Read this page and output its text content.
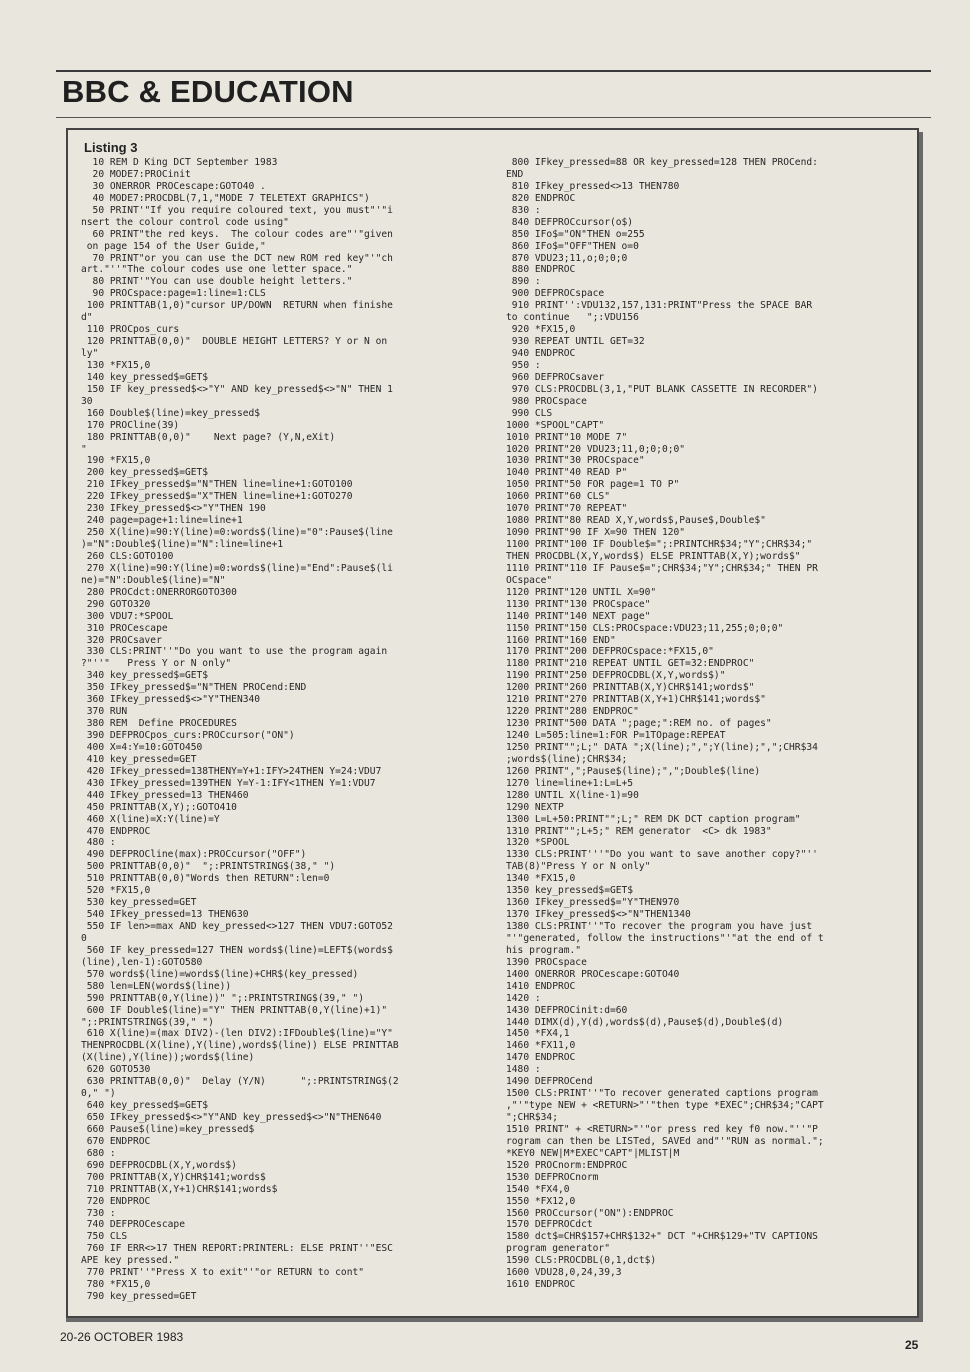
BBC & EDUCATION
Listing 3
10 REM D King DCT September 1983
20 MODE7:PROCinit
30 ONERROR PROCescape:GOTO40 .
40 MODE7:PROCDBL(7,1,"MODE 7 TELETEXT GRAPHICS")
50 PRINT'"If you require coloured text, you must"'"i
nsert the colour control code using"
60 PRINT"the red keys.  The colour codes are"'"given
on page 154 of the User Guide,"
70 PRINT"or you can use the DCT new ROM red key"'"ch
art."''"The colour codes use one letter space."
80 PRINT'"You can use double height letters."
90 PROCspace:page=1:line=1:CLS
100 PRINTTAB(1,0)"cursor UP/DOWN  RETURN when finishe
d"
110 PROCpos_curs
120 PRINTTAB(0,0)"  DOUBLE HEIGHT LETTERS? Y or N on
ly"
130 *FX15,0
140 key_pressed$=GET$
150 IF key_pressed$<>"Y" AND key_pressed$<>"N" THEN 1
30
160 Double$(line)=key_pressed$
170 PROCline(39)
180 PRINTTAB(0,0)"    Next page? (Y,N,eXit)
"
190 *FX15,0
200 key_pressed$=GET$
210 IFkey_pressed$="N"THEN line=line+1:GOTO100
220 IFkey_pressed$="X"THEN line=line+1:GOTO270
230 IFkey_pressed$<>"Y"THEN 190
240 page=page+1:line=line+1
250 X(line)=90:Y(line)=0:words$(line)="0":Pause$(line
)="N":Double$(line)="N":line=line+1
260 CLS:GOTO100
270 X(line)=90:Y(line)=0:words$(line)="End":Pause$(li
ne)="N":Double$(line)="N"
280 PROCdct:ONERRORGOTO300
290 GOTO320
300 VDU7:*SPOOL
310 PROCescape
320 PROCsaver
330 CLS:PRINT''"Do you want to use the program again
?"''"   Press Y or N only"
340 key_pressed$=GET$
350 IFkey_pressed$="N"THEN PROCend:END
360 IFkey_pressed$<>"Y"THEN340
370 RUN
380 REM  Define PROCEDURES
390 DEFPROCpos_curs:PROCcursor("ON")
400 X=4:Y=10:GOTO450
410 key_pressed=GET
420 IFkey_pressed=138THENY=Y+1:IFY>24THEN Y=24:VDU7
430 IFkey_pressed=139THEN Y=Y-1:IFY<1THEN Y=1:VDU7
440 IFkey_pressed=13 THEN460
450 PRINTTAB(X,Y);:GOTO410
460 X(line)=X:Y(line)=Y
470 ENDPROC
480 :
490 DEFPROCline(max):PROCcursor("OFF")
500 PRINTTAB(0,0)"  ";:PRINTSTRING$(38," ")
510 PRINTTAB(0,0)"Words then RETURN":len=0
520 *FX15,0
530 key_pressed=GET
540 IFkey_pressed=13 THEN630
550 IF len>=max AND key_pressed<>127 THEN VDU7:GOTO52
0
560 IF key_pressed=127 THEN words$(line)=LEFT$(words$
(line),len-1):GOTO580
570 words$(line)=words$(line)+CHR$(key_pressed)
580 len=LEN(words$(line))
590 PRINTTAB(0,Y(line))" ";:PRINTSTRING$(39," ")
600 IF Double$(line)="Y" THEN PRINTTAB(0,Y(line)+1)"
";:PRINTSTRING$(39," ")
610 X(line)=(max DIV2)-(len DIV2):IFDouble$(line)="Y"
THENPROCDBL(X(line),Y(line),words$(line)) ELSE PRINTTAB
(X(line),Y(line));words$(line)
620 GOTO530
630 PRINTTAB(0,0)"  Delay (Y/N)      ";:PRINTSTRING$(2
0," ")
640 key_pressed$=GET$
650 IFkey_pressed$<>"Y"AND key_pressed$<>"N"THEN640
660 Pause$(line)=key_pressed$
670 ENDPROC
680 :
690 DEFPROCDBL(X,Y,words$)
700 PRINTTAB(X,Y)CHR$141;words$
710 PRINTTAB(X,Y+1)CHR$141;words$
720 ENDPROC
730 :
740 DEFPROCescape
750 CLS
760 IF ERR<>17 THEN REPORT:PRINTERL: ELSE PRINT''"ESC
APE key pressed."
770 PRINT''"Press X to exit"'"or RETURN to cont"
780 *FX15,0
790 key_pressed=GET
800 IFkey_pressed=88 OR key_pressed=128 THEN PROCend:
END
810 IFkey_pressed<>13 THEN780
820 ENDPROC
830 :
840 DEFPROCcursor(o$)
850 IFo$="ON"THEN o=255
860 IFo$="OFF"THEN o=0
870 VDU23;11,o;0;0;0
880 ENDPROC
890 :
900 DEFPROCspace
910 PRINT'':VDU132,157,131:PRINT"Press the SPACE BAR
to continue   ";:VDU156
920 *FX15,0
930 REPEAT UNTIL GET=32
940 ENDPROC
950 :
960 DEFPROCsaver
970 CLS:PROCDBL(3,1,"PUT BLANK CASSETTE IN RECORDER")
980 PROCspace
990 CLS
1000 *SPOOL"CAPT"
1010 PRINT"10 MODE 7"
1020 PRINT"20 VDU23;11,0;0;0;0"
1030 PRINT"30 PROCspace"
1040 PRINT"40 READ P"
1050 PRINT"50 FOR page=1 TO P"
1060 PRINT"60 CLS"
1070 PRINT"70 REPEAT"
1080 PRINT"80 READ X,Y,words$,Pause$,Double$"
1090 PRINT"90 IF X=90 THEN 120"
1100 PRINT"100 IF Double$=";:PRINTCHR$34;"Y";CHR$34;"
THEN PROCDBL(X,Y,words$) ELSE PRINTTAB(X,Y);words$"
1110 PRINT"110 IF Pause$=";CHR$34;"Y";CHR$34;" THEN PR
OCspace"
1120 PRINT"120 UNTIL X=90"
1130 PRINT"130 PROCspace"
1140 PRINT"140 NEXT page"
1150 PRINT"150 CLS:PROCspace:VDU23;11,255;0;0;0"
1160 PRINT"160 END"
1170 PRINT"200 DEFPROCspace:*FX15,0"
1180 PRINT"210 REPEAT UNTIL GET=32:ENDPROC"
1190 PRINT"250 DEFPROCDBL(X,Y,words$)"
1200 PRINT"260 PRINTTAB(X,Y)CHR$141;words$"
1210 PRINT"270 PRINTTAB(X,Y+1)CHR$141;words$"
1220 PRINT"280 ENDPROC"
1230 PRINT"500 DATA ";page;":REM no. of pages"
1240 L=505:line=1:FOR P=1TOpage:REPEAT
1250 PRINT"";L;" DATA ";X(line);",";Y(line);",";CHR$34
;words$(line);CHR$34;
1260 PRINT",";Pause$(line);",";Double$(line)
1270 line=line+1:L=L+5
1280 UNTIL X(line-1)=90
1290 NEXTP
1300 L=L+50:PRINT"";L;" REM DK DCT caption program"
1310 PRINT"";L+5;" REM generator  <C> dk 1983"
1320 *SPOOL
1330 CLS:PRINT'''"Do you want to save another copy?"''
TAB(8)"Press Y or N only"
1340 *FX15,0
1350 key_pressed$=GET$
1360 IFkey_pressed$="Y"THEN970
1370 IFkey_pressed$<>"N"THEN1340
1380 CLS:PRINT''"To recover the program you have just
"'"generated, follow the instructions"'"at the end of t
his program."
1390 PROCspace
1400 ONERROR PROCescape:GOTO40
1410 ENDPROC
1420 :
1430 DEFPROCinit:d=60
1440 DIMX(d),Y(d),words$(d),Pause$(d),Double$(d)
1450 *FX4,1
1460 *FX11,0
1470 ENDPROC
1480 :
1490 DEFPROCend
1500 CLS:PRINT''"To recover generated captions program
,"'"type NEW + <RETURN>"'"then type *EXEC";CHR$34;"CAPT
";CHR$34;
1510 PRINT" + <RETURN>"'"or press red key f0 now."''"P
rogram can then be LISTed, SAVEd and"'"RUN as normal.";
*KEY0 NEW|M*EXEC"CAPT"|MLIST|M
1520 PROCnorm:ENDPROC
1530 DEFPROCnorm
1540 *FX4,0
1550 *FX12,0
1560 PROCcursor("ON"):ENDPROC
1570 DEFPROCdct
1580 dct$=CHR$157+CHR$132+" DCT "+CHR$129+"TV CAPTIONS
program generator"
1590 CLS:PROCDBL(0,1,dct$)
1600 VDU28,0,24,39,3
1610 ENDPROC
20-26 OCTOBER 1983
25
